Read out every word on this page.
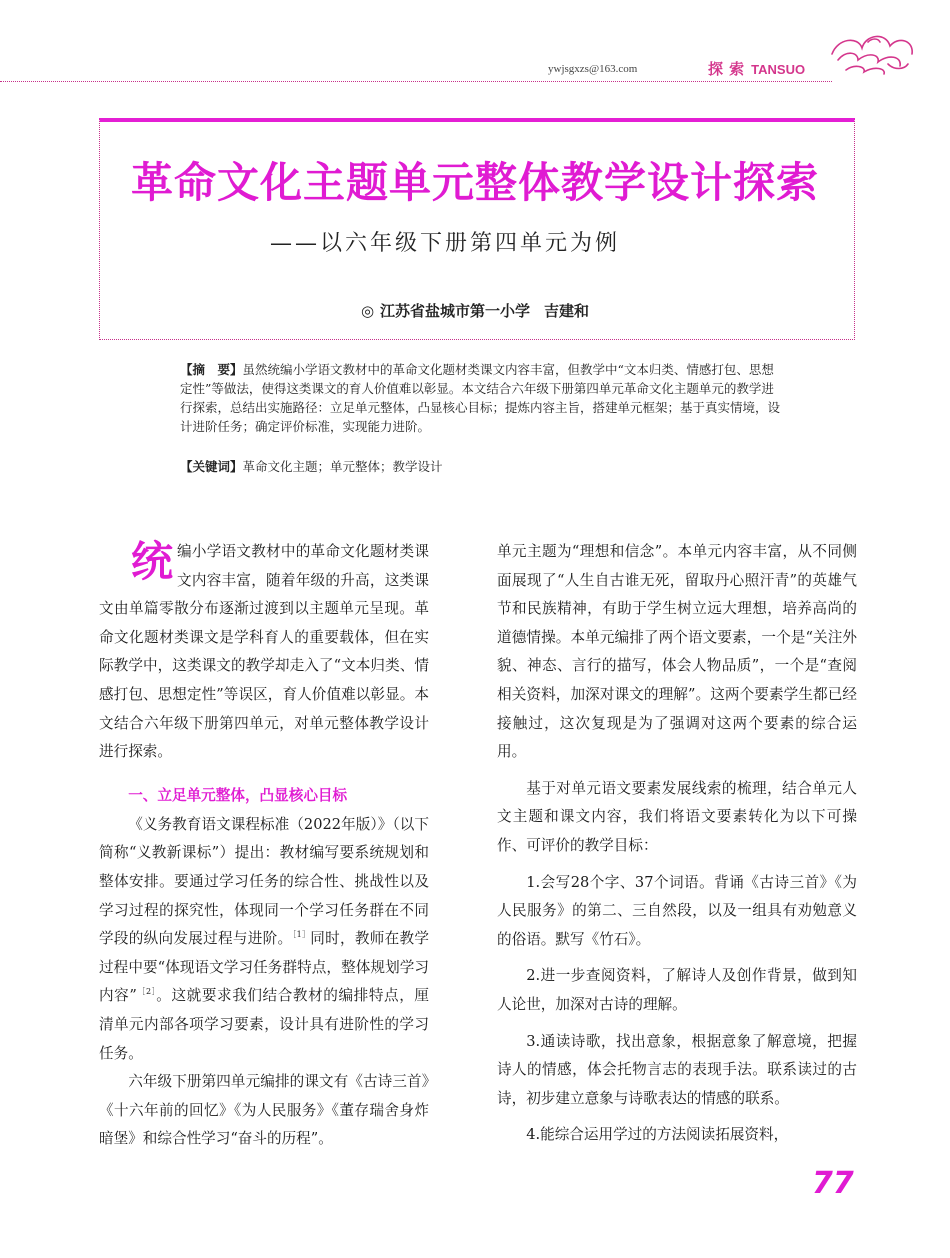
ywjsgxzs@163.com	探 索 TANSUO
革命文化主题单元整体教学设计探索
——以六年级下册第四单元为例
◎ 江苏省盐城市第一小学 吉建和

【摘　要】虽然统编小学语文教材中的革命文化题材类课文内容丰富，但教学中“文本归类、情感打包、思想定性”等做法，使得这类课文的育人价值难以彰显。本文结合六年级下册第四单元革命文化主题单元的教学进行探索，总结出实施路径：立足单元整体，凸显核心目标；提炼内容主旨，搭建单元框架；基于真实情境，设计进阶任务；确定评价标准，实现能力进阶。

【关键词】革命文化主题；单元整体；教学设计

统编小学语文教材中的革命文化题材类课文内容丰富，随着年级的升高，这类课文由单篇零散分布逐渐过渡到以主题单元呈现。革命文化题材类课文是学科育人的重要载体，但在实际教学中，这类课文的教学却走入了“文本归类、情感打包、思想定性”等误区，育人价值难以彰显。本文结合六年级下册第四单元，对单元整体教学设计进行探索。

一、立足单元整体，凸显核心目标

《义务教育语文课程标准（2022年版）》（以下简称“义教新课标”）提出：教材编写要系统规划和整体安排。要通过学习任务的综合性、挑战性以及学习过程的探究性，体现同一个学习任务群在不同学段的纵向发展过程与进阶。$^{[1]}$同时，教师在教学过程中要“体现语文学习任务群特点，整体规划学习内容”$^{[2]}$。这就要求我们结合教材的编排特点，厘清单元内部各项学习要素，设计具有进阶性的学习任务。

六年级下册第四单元编排的课文有《古诗三首》《十六年前的回忆》《为人民服务》《董存瑞舍身炸暗堡》和综合性学习“奋斗的历程”。

单元主题为“理想和信念”。本单元内容丰富，从不同侧面展现了“人生自古谁无死，留取丹心照汗青”的英雄气节和民族精神，有助于学生树立远大理想，培养高尚的道德情操。本单元编排了两个语文要素，一个是“关注外貌、神态、言行的描写，体会人物品质”，一个是“查阅相关资料，加深对课文的理解”。这两个要素学生都已经接触过，这次复现是为了强调对这两个要素的综合运用。

基于对单元语文要素发展线索的梳理，结合单元人文主题和课文内容，我们将语文要素转化为以下可操作、可评价的教学目标：

1.会写28个字、37个词语。背诵《古诗三首》《为人民服务》的第二、三自然段，以及一组具有劝勉意义的俗语。默写《竹石》。

2.进一步查阅资料，了解诗人及创作背景，做到知人论世，加深对古诗的理解。

3.通读诗歌，找出意象，根据意象了解意境，把握诗人的情感，体会托物言志的表现手法。联系读过的古诗，初步建立意象与诗歌表达的情感的联系。

4.能综合运用学过的方法阅读拓展资料，

77
